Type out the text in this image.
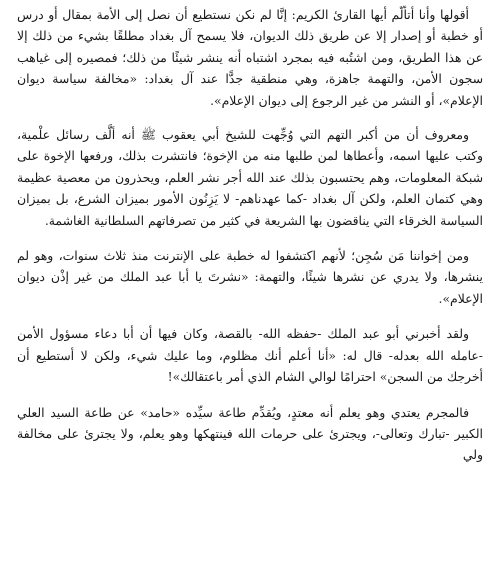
أقولها وأنا أتألّم أيها القارئ الكريم: إنَّا لم نكن نستطيع أن نصل إلى الأمة بمقال أو درس أو خطبة أو إصدار إلا عن طريق ذلك الديوان، فلا يسمح آل بغداد مطلقًا بشيء من ذلك إلا عن هذا الطريق، ومن اشتُبه فيه بمجرد اشتباه أنه ينشر شيئًا من ذلك؛ فمصيره إلى غياهب سجون الأمن، والتهمة جاهزة، وهي منطقية جدًّا عند آل بغداد: «مخالفة سياسة ديوان الإعلام»، أو النشر من غير الرجوع إلى ديوان الإعلام».

ومعروف أن من أكبر التهم التي وُجِّهت للشيخ أبي يعقوب ﷺ أنه ألَّف رسائل علْمية، وكتب عليها اسمه، وأعطاها لمن طلبها منه من الإخوة؛ فانتشرت بذلك، ورفعها الإخوة على شبكة المعلومات، وهم يحتسبون بذلك عند الله أجر نشر العلم، ويحذرون من معصية عظيمة وهي كتمان العلم، ولكن آل بغداد -كما عهدناهم- لا يَزِنُون الأمور بميزان الشرع، بل بميزان السياسة الخرقاء التي يناقضون بها الشريعة في كثير من تصرفاتهم السلطانية الغاشمة.

ومن إخواننا مَن سُجِن؛ لأنهم اكتشفوا له خطبة على الإنترنت منذ ثلاث سنوات، وهو لم ينشرها، ولا يدري عن نشرها شيئًا، والتهمة: «نشرتَ يا أبا عبد الملك من غير إذْن ديوان الإعلام».

ولقد أخبرني أبو عبد الملك -حفظه الله- بالقصة، وكان فيها أن أبا دعاء مسؤول الأمن -عامله الله بعدله- قال له: «أنا أعلم أنك مظلوم، وما عليك شيء، ولكن لا أستطيع أن أخرجك من السجن» احترامًا لوالي الشام الذي أمر باعتقالك»!

فالمجرم يعتدي وهو يعلم أنه معتدٍ، ويُقدِّم طاعة سيِّده «حامد» عن طاعة السيد العلي الكبير -تبارك وتعالى-، ويجترئ على حرمات الله فينتهكها وهو يعلم، ولا يجترئ على مخالفة ولي
